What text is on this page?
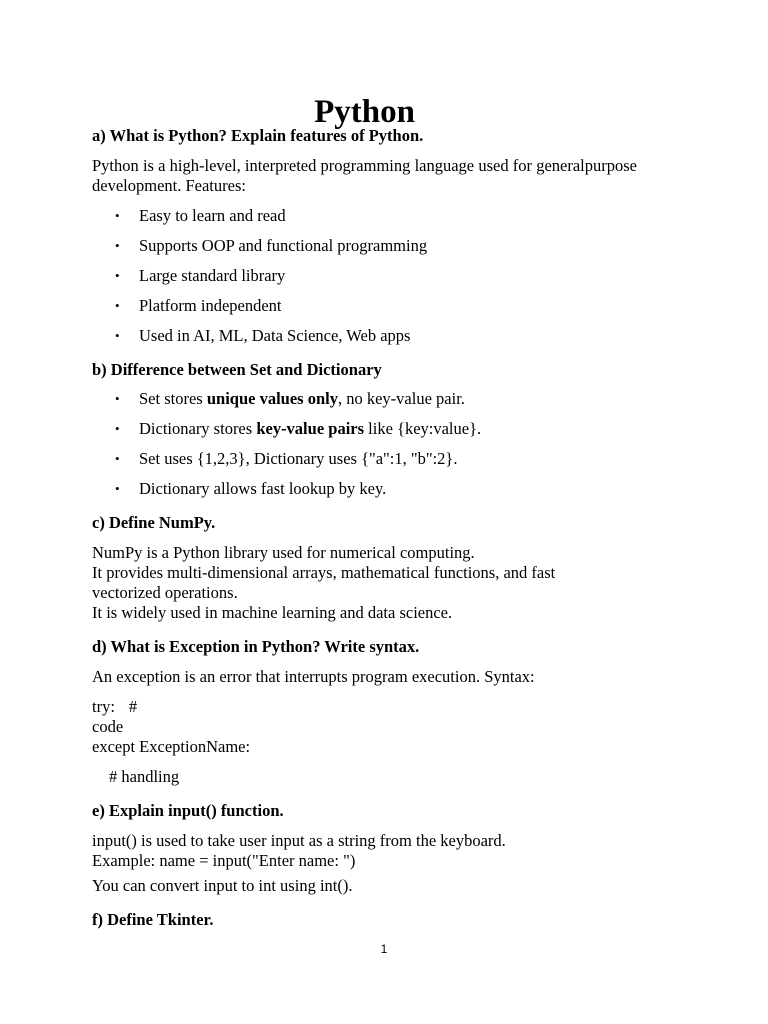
Python

a) What is Python? Explain features of Python.

Python is a high-level, interpreted programming language used for generalpurpose development. Features:

• Easy to learn and read
• Supports OOP and functional programming
• Large standard library
• Platform independent
• Used in AI, ML, Data Science, Web apps

b) Difference between Set and Dictionary

• Set stores unique values only, no key-value pair.
• Dictionary stores key-value pairs like {key:value}.
• Set uses {1,2,3}, Dictionary uses {"a":1, "b":2}.
• Dictionary allows fast lookup by key.

c) Define NumPy.

NumPy is a Python library used for numerical computing.

It provides multi-dimensional arrays, mathematical functions, and fast

vectorized operations.

It is widely used in machine learning and data science.

d) What is Exception in Python? Write syntax.

An exception is an error that interrupts program execution. Syntax:

try: #

code

except ExceptionName:

# handling

e) Explain input() function.

input() is used to take user input as a string from the keyboard.

Example: name = input("Enter name: ")

You can convert input to int using int().

f) Define Tkinter.

1
